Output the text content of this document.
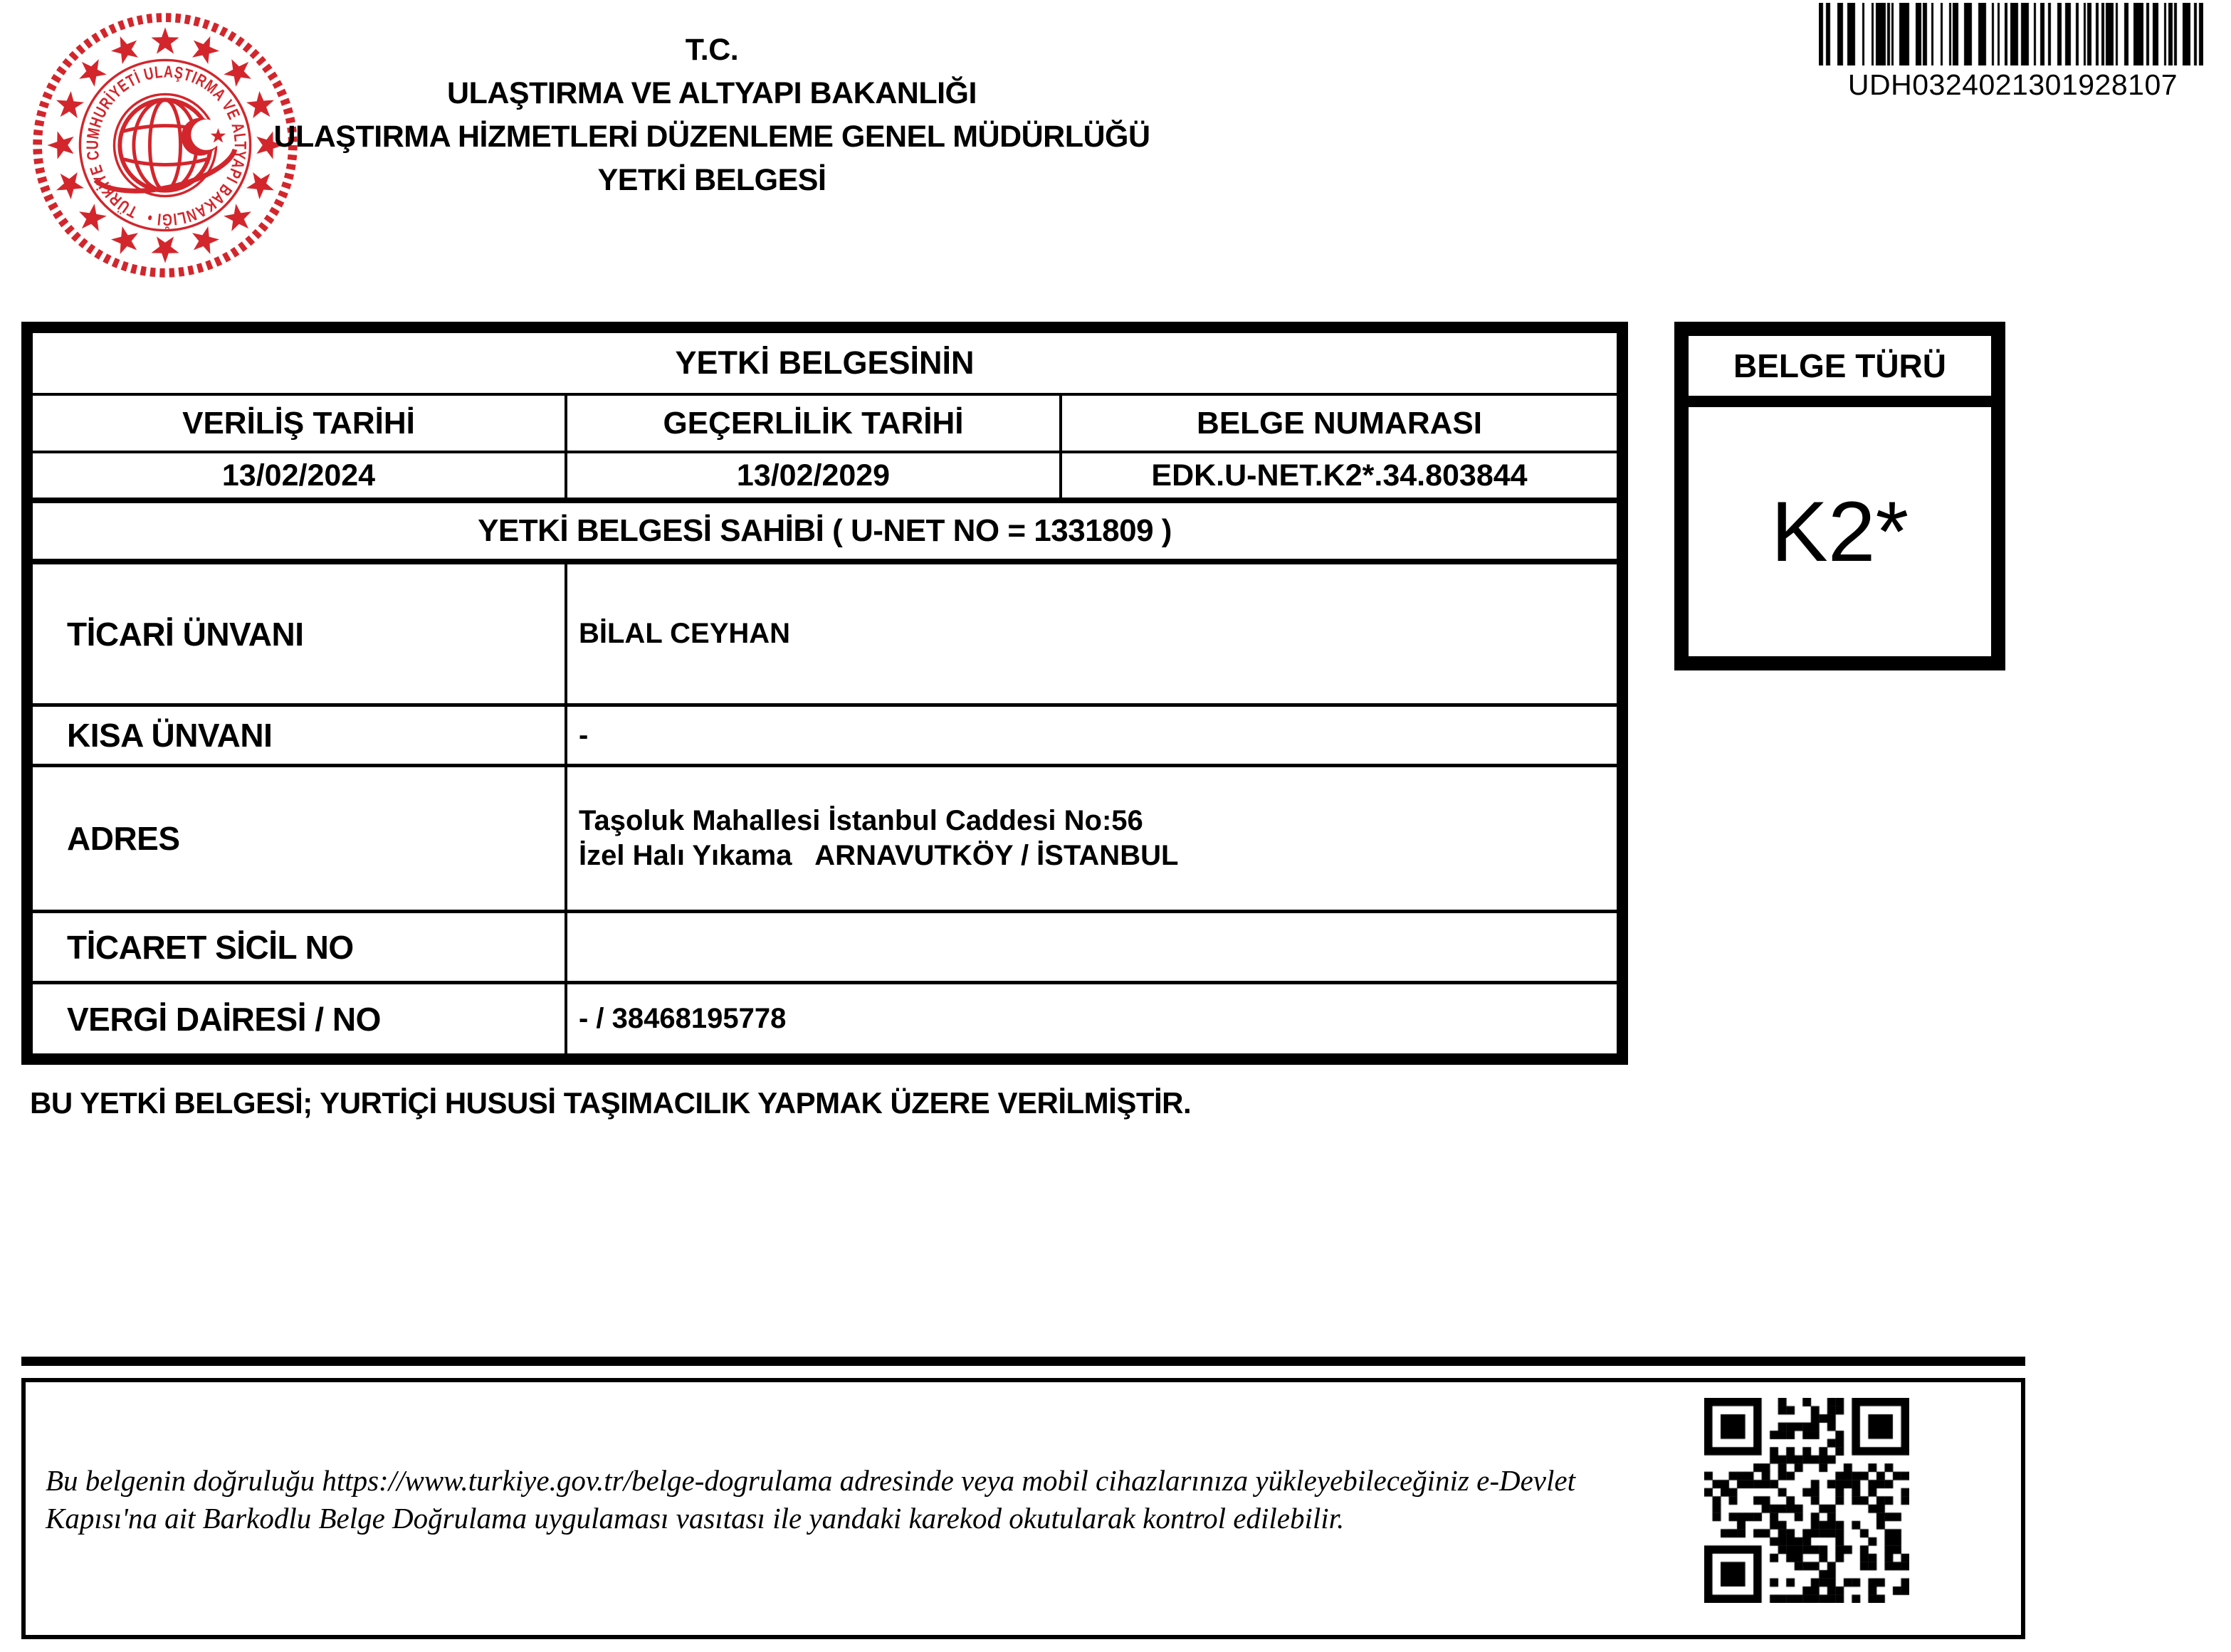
TÜRKİYE CUMHURİYETİ ULAŞTIRMA VE ALTYAPI BAKANLIĞI •
T.C.
ULAŞTIRMA VE ALTYAPI BAKANLIĞI
ULAŞTIRMA HİZMETLERİ DÜZENLEME GENEL MÜDÜRLÜĞÜ
YETKİ BELGESİ
UDH0324021301928107
YETKİ BELGESİNİN
VERİLİŞ TARİHİ	GEÇERLİLİK TARİHİ	BELGE NUMARASI
13/02/2024	13/02/2029	EDK.U-NET.K2*.34.803844
YETKİ BELGESİ SAHİBİ ( U-NET NO = 1331809 )
TİCARİ ÜNVANI	BİLAL CEYHAN
KISA ÜNVANI	-
ADRES	Taşoluk Mahallesi İstanbul Caddesi No:56
İzel Halı Yıkama   ARNAVUTKÖY / İSTANBUL
TİCARET SİCİL NO
VERGİ DAİRESİ / NO	- / 38468195778
BELGE TÜRÜ
K2*
BU YETKİ BELGESİ; YURTİÇİ HUSUSİ TAŞIMACILIK YAPMAK ÜZERE VERİLMİŞTİR.
Bu belgenin doğruluğu https://www.turkiye.gov.tr/belge-dogrulama adresinde veya mobil cihazlarınıza yükleyebileceğiniz e-Devlet
Kapısı'na ait Barkodlu Belge Doğrulama uygulaması vasıtası ile yandaki karekod okutularak kontrol edilebilir.
